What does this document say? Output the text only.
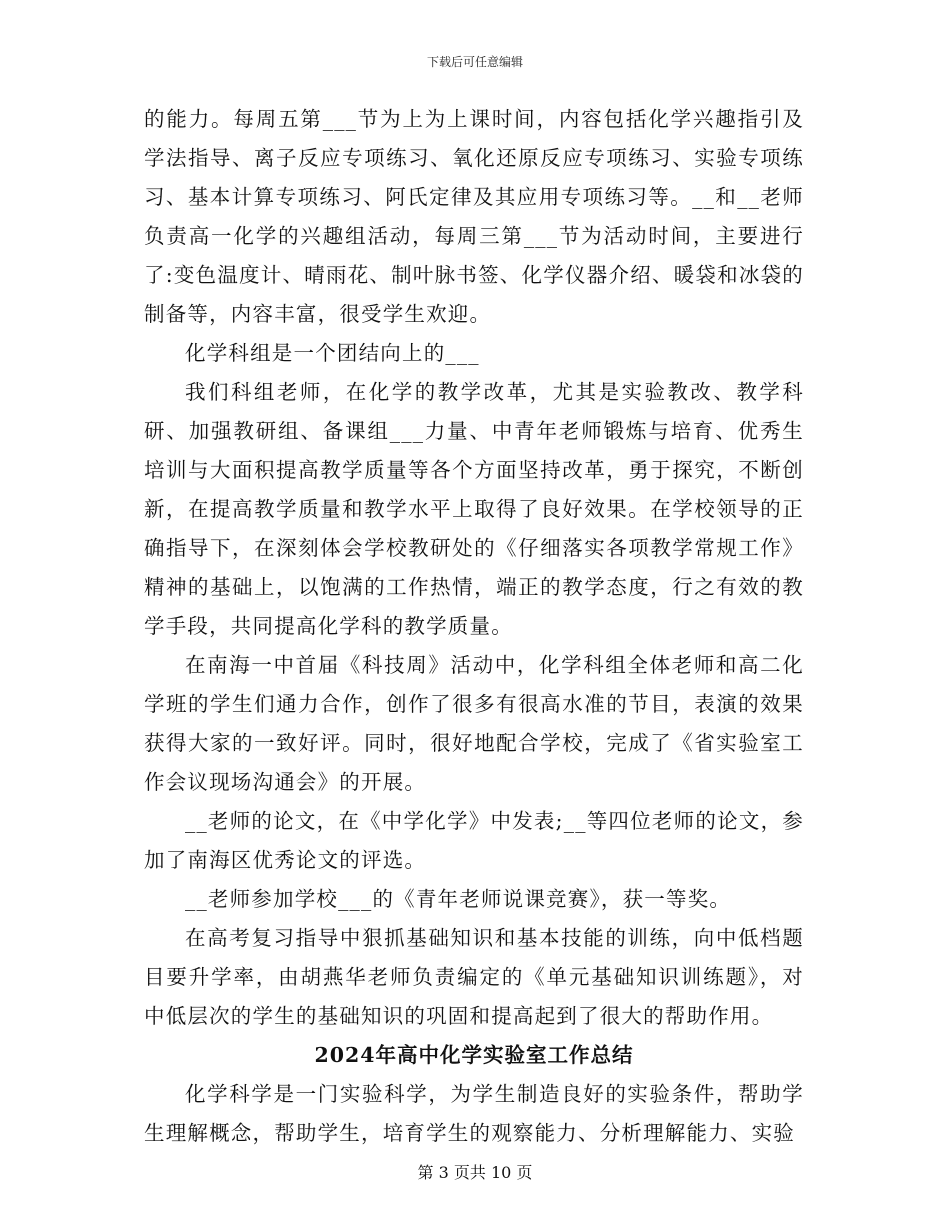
下载后可任意编辑

的能力。每周五第___节为上为上课时间，内容包括化学兴趣指引及学法指导、离子反应专项练习、氧化还原反应专项练习、实验专项练习、基本计算专项练习、阿氏定律及其应用专项练习等。__和__老师负责高一化学的兴趣组活动，每周三第___节为活动时间，主要进行了:变色温度计、晴雨花、制叶脉书签、化学仪器介绍、暖袋和冰袋的制备等，内容丰富，很受学生欢迎。

化学科组是一个团结向上的___

我们科组老师，在化学的教学改革，尤其是实验教改、教学科研、加强教研组、备课组___力量、中青年老师锻炼与培育、优秀生培训与大面积提高教学质量等各个方面坚持改革，勇于探究，不断创新，在提高教学质量和教学水平上取得了良好效果。在学校领导的正确指导下，在深刻体会学校教研处的《仔细落实各项教学常规工作》精神的基础上，以饱满的工作热情，端正的教学态度，行之有效的教学手段，共同提高化学科的教学质量。

在南海一中首届《科技周》活动中，化学科组全体老师和高二化学班的学生们通力合作，创作了很多有很高水准的节目，表演的效果获得大家的一致好评。同时，很好地配合学校，完成了《省实验室工作会议现场沟通会》的开展。

__老师的论文，在《中学化学》中发表;__等四位老师的论文，参加了南海区优秀论文的评选。

__老师参加学校___的《青年老师说课竞赛》，获一等奖。

在高考复习指导中狠抓基础知识和基本技能的训练，向中低档题目要升学率，由胡燕华老师负责编定的《单元基础知识训练题》，对中低层次的学生的基础知识的巩固和提高起到了很大的帮助作用。

2024年高中化学实验室工作总结

化学科学是一门实验科学，为学生制造良好的实验条件，帮助学生理解概念，帮助学生，培育学生的观察能力、分析理解能力、实验

第 3 页共 10 页
